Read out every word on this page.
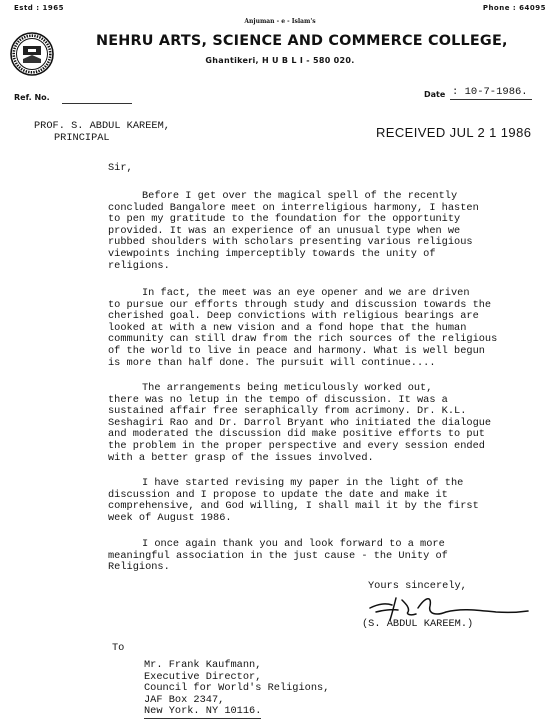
Estd : 1965	Phone : 64095
Anjuman - e - Islam's
NEHRU ARTS, SCIENCE AND COMMERCE COLLEGE,
Ghantikeri, H U B L I - 580 020.
Ref. No.	Date : 10-7-1986.
PROF. S. ABDUL KAREEM,
PRINCIPAL	RECEIVED JUL 2 1 1986
Sir,
Before I get over the magical spell of the recently
concluded Bangalore meet on interreligious harmony, I hasten
to pen my gratitude to the foundation for the opportunity
provided. It was an experience of an unusual type when we
rubbed shoulders with scholars presenting various religious
viewpoints inching imperceptibly towards the unity of
religions.
In fact, the meet was an eye opener and we are driven
to pursue our efforts through study and discussion towards the
cherished goal. Deep convictions with religious bearings are
looked at with a new vision and a fond hope that the human
community can still draw from the rich sources of the religious
of the world to live in peace and harmony. What is well begun
is more than half done. The pursuit will continue....
The arrangements being meticulously worked out,
there was no letup in the tempo of discussion. It was a
sustained affair free seraphically from acrimony. Dr. K.L.
Seshagiri Rao and Dr. Darrol Bryant who initiated the dialogue
and moderated the discussion did make positive efforts to put
the problem in the proper perspective and every session ended
with a better grasp of the issues involved.
I have started revising my paper in the light of the
discussion and I propose to update the date and make it
comprehensive, and God willing, I shall mail it by the first
week of August 1986.
I once again thank you and look forward to a more
meaningful association in the just cause - the Unity of
Religions.
Yours sincerely,
(S. ABDUL KAREEM.)
To
Mr. Frank Kaufmann,
Executive Director,
Council for World's Religions,
JAF Box 2347,
New York. NY 10116.
